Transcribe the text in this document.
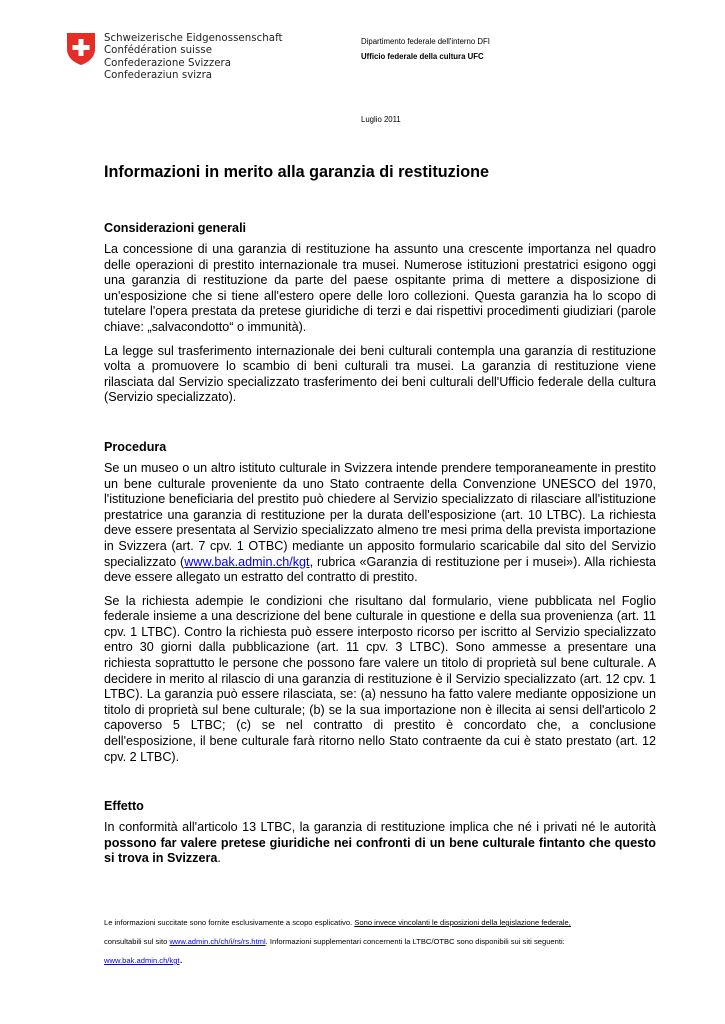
Schweizerische Eidgenossenschaft
Confédération suisse
Confederazione Svizzera
Confederaziun svizra
Dipartimento federale dell'interno DFI
Ufficio federale della cultura UFC
Luglio 2011
Informazioni in merito alla garanzia di restituzione
Considerazioni generali

La concessione di una garanzia di restituzione ha assunto una crescente importanza nel quadro delle operazioni di prestito internazionale tra musei. Numerose istituzioni prestatrici esigono oggi una garanzia di restituzione da parte del paese ospitante prima di mettere a disposizione di un'esposizione che si tiene all'estero opere delle loro collezioni. Questa garanzia ha lo scopo di tutelare l'opera prestata da pretese giuridiche di terzi e dai rispettivi procedimenti giudiziari (parole chiave: „salvacondotto“ o immunità).

La legge sul trasferimento internazionale dei beni culturali contempla una garanzia di restituzione volta a promuovere lo scambio di beni culturali tra musei. La garanzia di restituzione viene rilasciata dal Servizio specializzato trasferimento dei beni culturali dell'Ufficio federale della cultura (Servizio specializzato).

Procedura

Se un museo o un altro istituto culturale in Svizzera intende prendere temporaneamente in prestito un bene culturale proveniente da uno Stato contraente della Convenzione UNESCO del 1970, l'istituzione beneficiaria del prestito può chiedere al Servizio specializzato di rilasciare all'istituzione prestatrice una garanzia di restituzione per la durata dell'esposizione (art. 10 LTBC). La richiesta deve essere presentata al Servizio specializzato almeno tre mesi prima della prevista importazione in Svizzera (art. 7 cpv. 1 OTBC) mediante un apposito formulario scaricabile dal sito del Servizio specializzato (www.bak.admin.ch/kgt, rubrica «Garanzia di restituzione per i musei»). Alla richiesta deve essere allegato un estratto del contratto di prestito.

Se la richiesta adempie le condizioni che risultano dal formulario, viene pubblicata nel Foglio federale insieme a una descrizione del bene culturale in questione e della sua provenienza (art. 11 cpv. 1 LTBC). Contro la richiesta può essere interposto ricorso per iscritto al Servizio specializzato entro 30 giorni dalla pubblicazione (art. 11 cpv. 3 LTBC). Sono ammesse a presentare una richiesta soprattutto le persone che possono fare valere un titolo di proprietà sul bene culturale. A decidere in merito al rilascio di una garanzia di restituzione è il Servizio specializzato (art. 12 cpv. 1 LTBC). La garanzia può essere rilasciata, se: (a) nessuno ha fatto valere mediante opposizione un titolo di proprietà sul bene culturale; (b) se la sua importazione non è illecita ai sensi dell'articolo 2 capoverso 5 LTBC; (c) se nel contratto di prestito è concordato che, a conclusione dell'esposizione, il bene culturale farà ritorno nello Stato contraente da cui è stato prestato (art. 12 cpv. 2 LTBC).

Effetto

In conformità all'articolo 13 LTBC, la garanzia di restituzione implica che né i privati né le autorità possono far valere pretese giuridiche nei confronti di un bene culturale fintanto che questo si trova in Svizzera.

Le informazioni succitate sono fornite esclusivamente a scopo esplicativo. Sono invece vincolanti le disposizioni della legislazione federale,
consultabili sul sito www.admin.ch/ch/i/rs/rs.html. Informazioni supplementari concernenti la LTBC/OTBC sono disponibili sui siti seguenti:
www.bak.admin.ch/kgt.
